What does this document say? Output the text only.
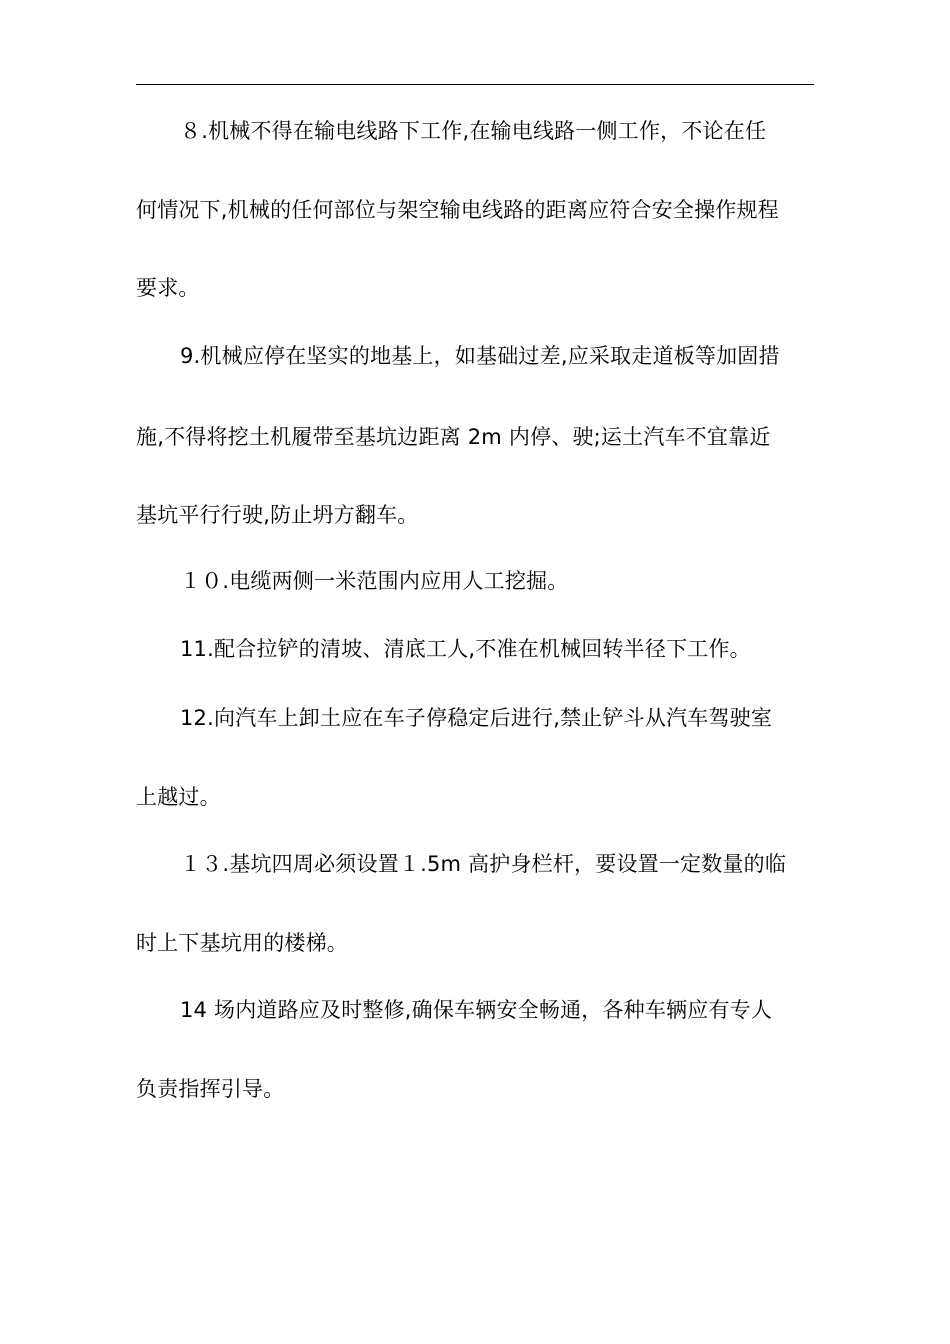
８.机械不得在输电线路下工作,在输电线路一侧工作，不论在任
何情况下,机械的任何部位与架空输电线路的距离应符合安全操作规程
要求。
9.机械应停在坚实的地基上，如基础过差,应采取走道板等加固措
施,不得将挖土机履带至基坑边距离 2m 内停、驶;运土汽车不宜靠近
基坑平行行驶,防止坍方翻车。
１０.电缆两侧一米范围内应用人工挖掘。
11.配合拉铲的清坡、清底工人,不准在机械回转半径下工作。
12.向汽车上卸土应在车子停稳定后进行,禁止铲斗从汽车驾驶室
上越过。
１３.基坑四周必须设置１.5m 高护身栏杆，要设置一定数量的临
时上下基坑用的楼梯。
14 场内道路应及时整修,确保车辆安全畅通，各种车辆应有专人
负责指挥引导。
